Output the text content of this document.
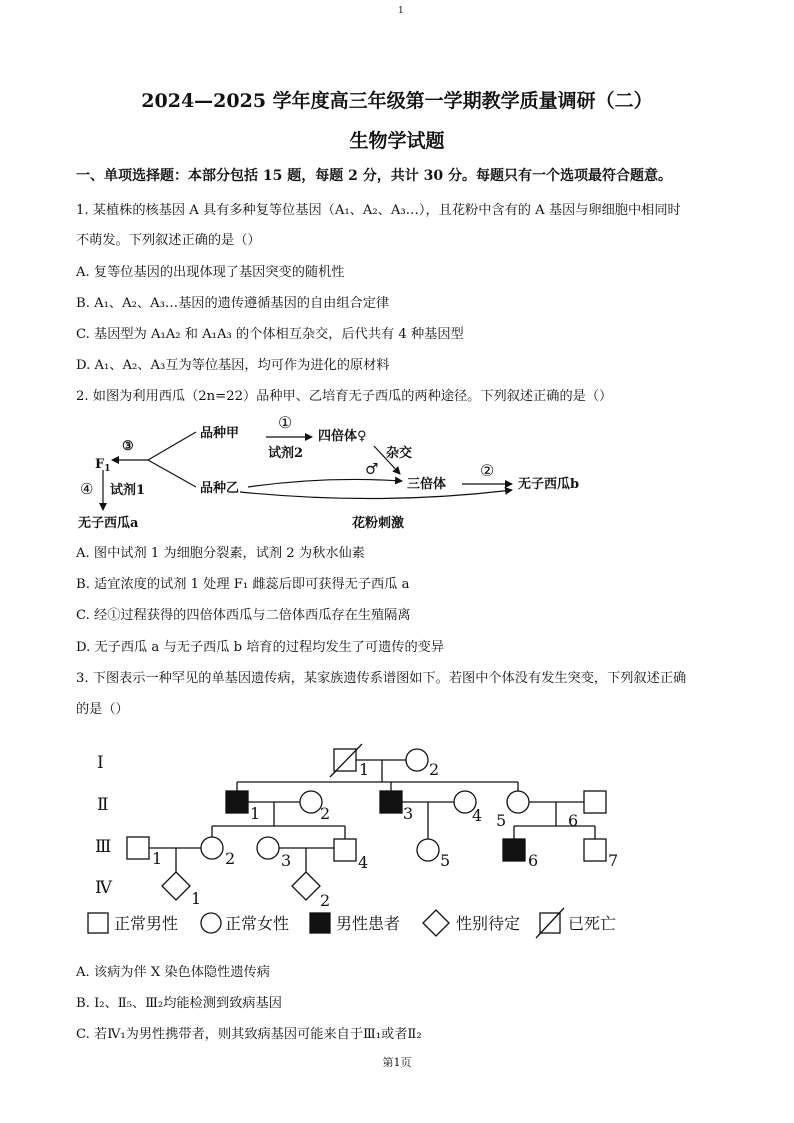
1
2024—2025 学年度高三年级第一学期教学质量调研（二）
生物学试题
一、单项选择题：本部分包括 15 题，每题 2 分，共计 30 分。每题只有一个选项最符合题意。
1. 某植株的核基因 A 具有多种复等位基因（A₁、A₂、A₃…），且花粉中含有的 A 基因与卵细胞中相同时
不萌发。下列叙述正确的是（）
A. 复等位基因的出现体现了基因突变的随机性
B. A₁、A₂、A₃…基因的遗传遵循基因的自由组合定律
C. 基因型为 A₁A₂ 和 A₁A₃ 的个体相互杂交，后代共有 4 种基因型
D. A₁、A₂、A₃互为等位基因，均可作为进化的原材料
2. 如图为利用西瓜（2n=22）品种甲、乙培育无子西瓜的两种途径。下列叙述正确的是（）
③
$F_1$
品种甲
品种乙
①
试剂2
四倍体♀
杂交
♂
三倍体
②
无子西瓜b
④ 试剂1
无子西瓜a	花粉刺激
A. 图中试剂 1 为细胞分裂素，试剂 2 为秋水仙素
B. 适宜浓度的试剂 1 处理 F₁ 雌蕊后即可获得无子西瓜 a
C. 经①过程获得的四倍体西瓜与二倍体西瓜存在生殖隔离
D. 无子西瓜 a 与无子西瓜 b 培育的过程均发生了可遗传的变异
3. 下图表示一种罕见的单基因遗传病，某家族遗传系谱图如下。若图中个体没有发生突变，下列叙述正确
的是（）
Ⅰ
Ⅱ
Ⅲ
Ⅳ
1	2
1	2	3	4 5	6
1	2	3	4	5	6	7
1	2
正常男性	正常女性	男性患者	性别待定	已死亡
A. 该病为伴 X 染色体隐性遗传病
B. Ⅰ₂、Ⅱ₅、Ⅲ₂均能检测到致病基因
C. 若Ⅳ₁为男性携带者，则其致病基因可能来自于Ⅲ₁或者Ⅱ₂
第1页
